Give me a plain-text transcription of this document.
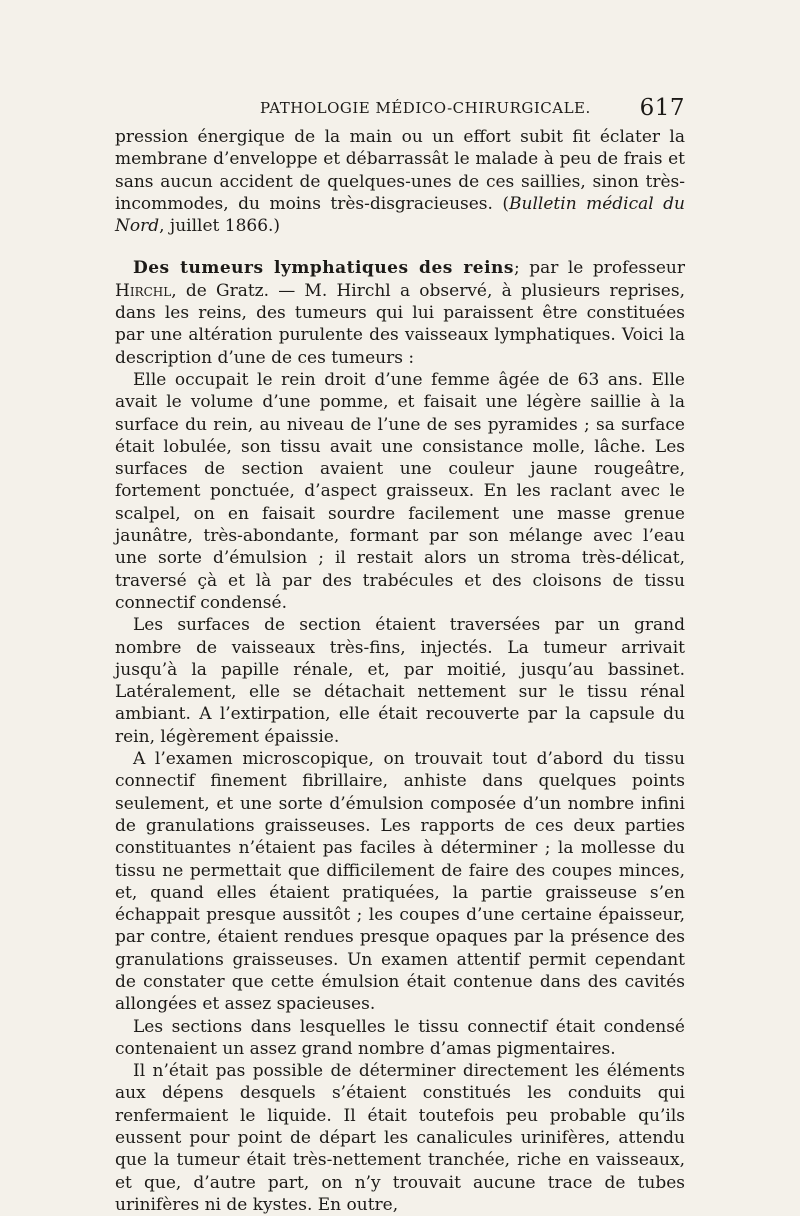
PATHOLOGIE MÉDICO-CHIRURGICALE. 617

pression énergique de la main ou un effort subit fit éclater la membrane d’enveloppe et débarrassât le malade à peu de frais et sans aucun accident de quelques-unes de ces saillies, sinon très-incommodes, du moins très-disgracieuses. (Bulletin médical du Nord, juillet 1866.)

Des tumeurs lymphatiques des reins; par le professeur Hirchl, de Gratz. — M. Hirchl a observé, à plusieurs reprises, dans les reins, des tumeurs qui lui paraissent être constituées par une altération purulente des vaisseaux lymphatiques. Voici la description d’une de ces tumeurs :

Elle occupait le rein droit d’une femme âgée de 63 ans. Elle avait le volume d’une pomme, et faisait une légère saillie à la surface du rein, au niveau de l’une de ses pyramides ; sa surface était lobulée, son tissu avait une consistance molle, lâche. Les surfaces de section avaient une couleur jaune rougeâtre, fortement ponctuée, d’aspect graisseux. En les raclant avec le scalpel, on en faisait sourdre facilement une masse grenue jaunâtre, très-abondante, formant par son mélange avec l’eau une sorte d’émulsion ; il restait alors un stroma très-délicat, traversé çà et là par des trabécules et des cloisons de tissu connectif condensé.

Les surfaces de section étaient traversées par un grand nombre de vaisseaux très-fins, injectés. La tumeur arrivait jusqu’à la papille rénale, et, par moitié, jusqu’au bassinet. Latéralement, elle se détachait nettement sur le tissu rénal ambiant. A l’extirpation, elle était recouverte par la capsule du rein, légèrement épaissie.

A l’examen microscopique, on trouvait tout d’abord du tissu connectif finement fibrillaire, anhiste dans quelques points seulement, et une sorte d’émulsion composée d’un nombre infini de granulations graisseuses. Les rapports de ces deux parties constituantes n’étaient pas faciles à déterminer ; la mollesse du tissu ne permettait que difficilement de faire des coupes minces, et, quand elles étaient pratiquées, la partie graisseuse s’en échappait presque aussitôt ; les coupes d’une certaine épaisseur, par contre, étaient rendues presque opaques par la présence des granulations graisseuses. Un examen attentif permit cependant de constater que cette émulsion était contenue dans des cavités allongées et assez spacieuses.

Les sections dans lesquelles le tissu connectif était condensé contenaient un assez grand nombre d’amas pigmentaires.

Il n’était pas possible de déterminer directement les éléments aux dépens desquels s’étaient constitués les conduits qui renfermaient le liquide. Il était toutefois peu probable qu’ils eussent pour point de départ les canalicules urinifères, attendu que la tumeur était très-nettement tranchée, riche en vaisseaux, et que, d’autre part, on n’y trouvait aucune trace de tubes urinifères ni de kystes. En outre,
